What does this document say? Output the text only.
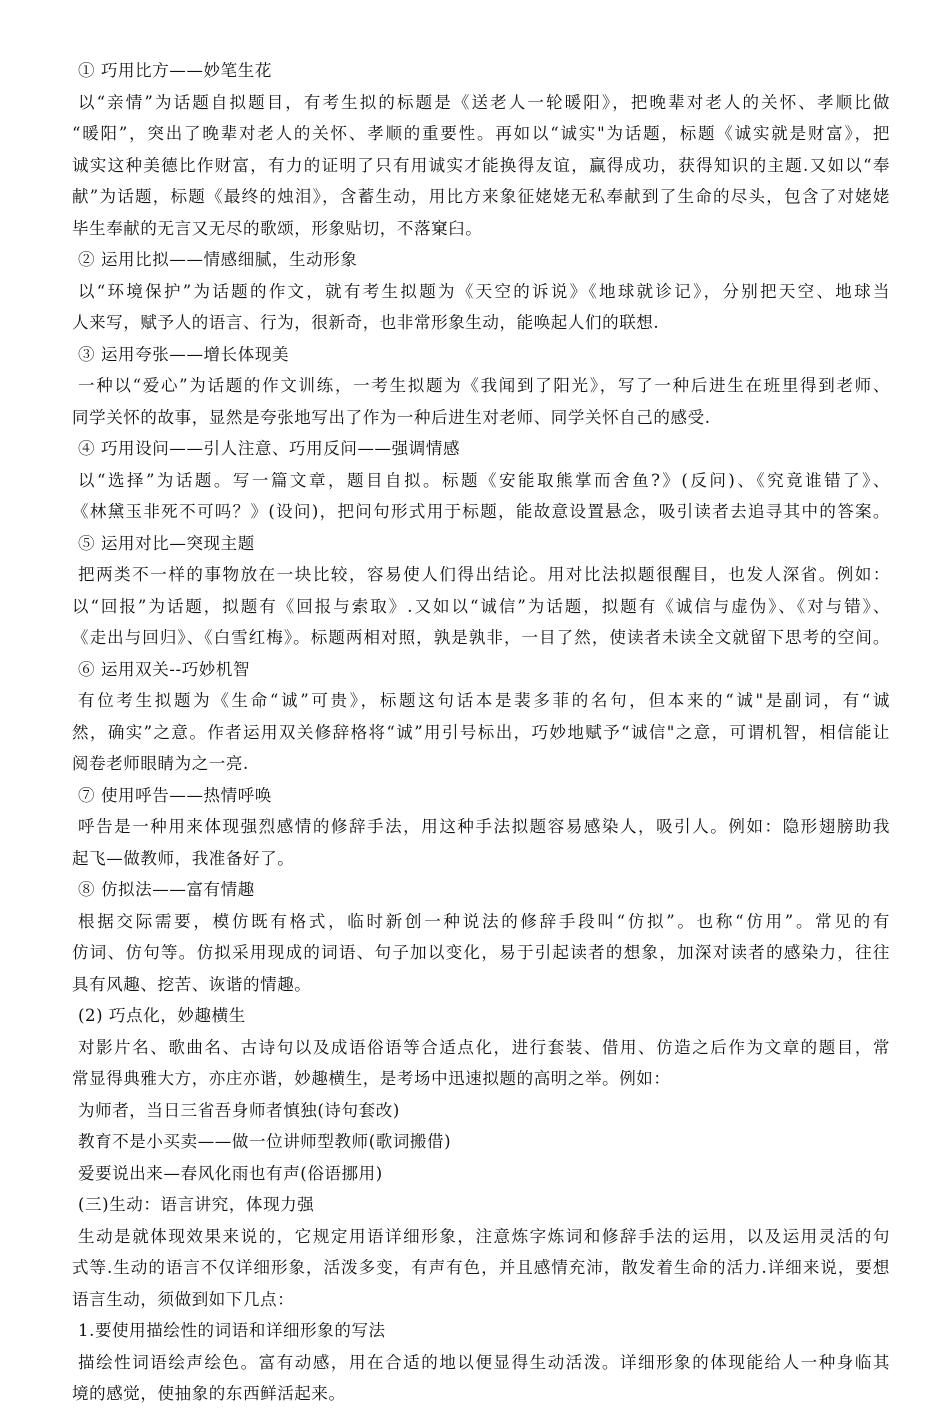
① 巧用比方——妙笔生花
以“亲情”为话题自拟题目，有考生拟的标题是《送老人一轮暖阳》，把晚辈对老人的关怀、孝顺比做
“暖阳”，突出了晚辈对老人的关怀、孝顺的重要性。再如以“诚实"为话题，标题《诚实就是财富》，把
诚实这种美德比作财富，有力的证明了只有用诚实才能换得友谊，赢得成功，获得知识的主题.又如以“奉
献”为话题，标题《最终的烛泪》，含蓄生动，用比方来象征姥姥无私奉献到了生命的尽头，包含了对姥姥
毕生奉献的无言又无尽的歌颂，形象贴切，不落窠臼。
② 运用比拟——情感细腻，生动形象
以“环境保护”为话题的作文，就有考生拟题为《天空的诉说》《地球就诊记》，分别把天空、地球当
人来写，赋予人的语言、行为，很新奇，也非常形象生动，能唤起人们的联想.
③ 运用夸张——增长体现美
一种以“爱心”为话题的作文训练，一考生拟题为《我闻到了阳光》，写了一种后进生在班里得到老师、
同学关怀的故事，显然是夸张地写出了作为一种后进生对老师、同学关怀自己的感受.
④ 巧用设问——引人注意、巧用反问——强调情感
以“选择”为话题。写一篇文章，题目自拟。标题《安能取熊掌而舍鱼?》(反问)、《究竟谁错了》、
《林黛玉非死不可吗？》(设问)，把问句形式用于标题，能故意设置悬念，吸引读者去追寻其中的答案。
⑤ 运用对比—突现主题
把两类不一样的事物放在一块比较，容易使人们得出结论。用对比法拟题很醒目，也发人深省。例如：
以“回报”为话题，拟题有《回报与索取》.又如以“诚信”为话题，拟题有《诚信与虚伪》、《对与错》、
《走出与回归》、《白雪红梅》。标题两相对照，孰是孰非，一目了然，使读者未读全文就留下思考的空间。
⑥ 运用双关--巧妙机智
有位考生拟题为《生命“诚”可贵》，标题这句话本是裴多菲的名句，但本来的“诚"是副词，有“诚
然，确实”之意。作者运用双关修辞格将“诚”用引号标出，巧妙地赋予“诚信"之意，可谓机智，相信能让
阅卷老师眼睛为之一亮.
⑦ 使用呼告——热情呼唤
呼告是一种用来体现强烈感情的修辞手法，用这种手法拟题容易感染人，吸引人。例如：隐形翅膀助我
起飞—做教师，我准备好了。
⑧ 仿拟法——富有情趣
根据交际需要，模仿既有格式，临时新创一种说法的修辞手段叫“仿拟”。也称“仿用”。常见的有
仿词、仿句等。仿拟采用现成的词语、句子加以变化，易于引起读者的想象，加深对读者的感染力，往往
具有风趣、挖苦、诙谐的情趣。
(2) 巧点化，妙趣横生
对影片名、歌曲名、古诗句以及成语俗语等合适点化，进行套装、借用、仿造之后作为文章的题目，常
常显得典雅大方，亦庄亦谐，妙趣横生，是考场中迅速拟题的高明之举。例如：
为师者，当日三省吾身师者慎独(诗句套改)
教育不是小买卖——做一位讲师型教师(歌词搬借)
爱要说出来—春风化雨也有声(俗语挪用)
(三)生动：语言讲究，体现力强
生动是就体现效果来说的，它规定用语详细形象，注意炼字炼词和修辞手法的运用，以及运用灵活的句
式等.生动的语言不仅详细形象，活泼多变，有声有色，并且感情充沛，散发着生命的活力.详细来说，要想
语言生动，须做到如下几点：
1.要使用描绘性的词语和详细形象的写法
描绘性词语绘声绘色。富有动感，用在合适的地以便显得生动活泼。详细形象的体现能给人一种身临其
境的感觉，使抽象的东西鲜活起来。
